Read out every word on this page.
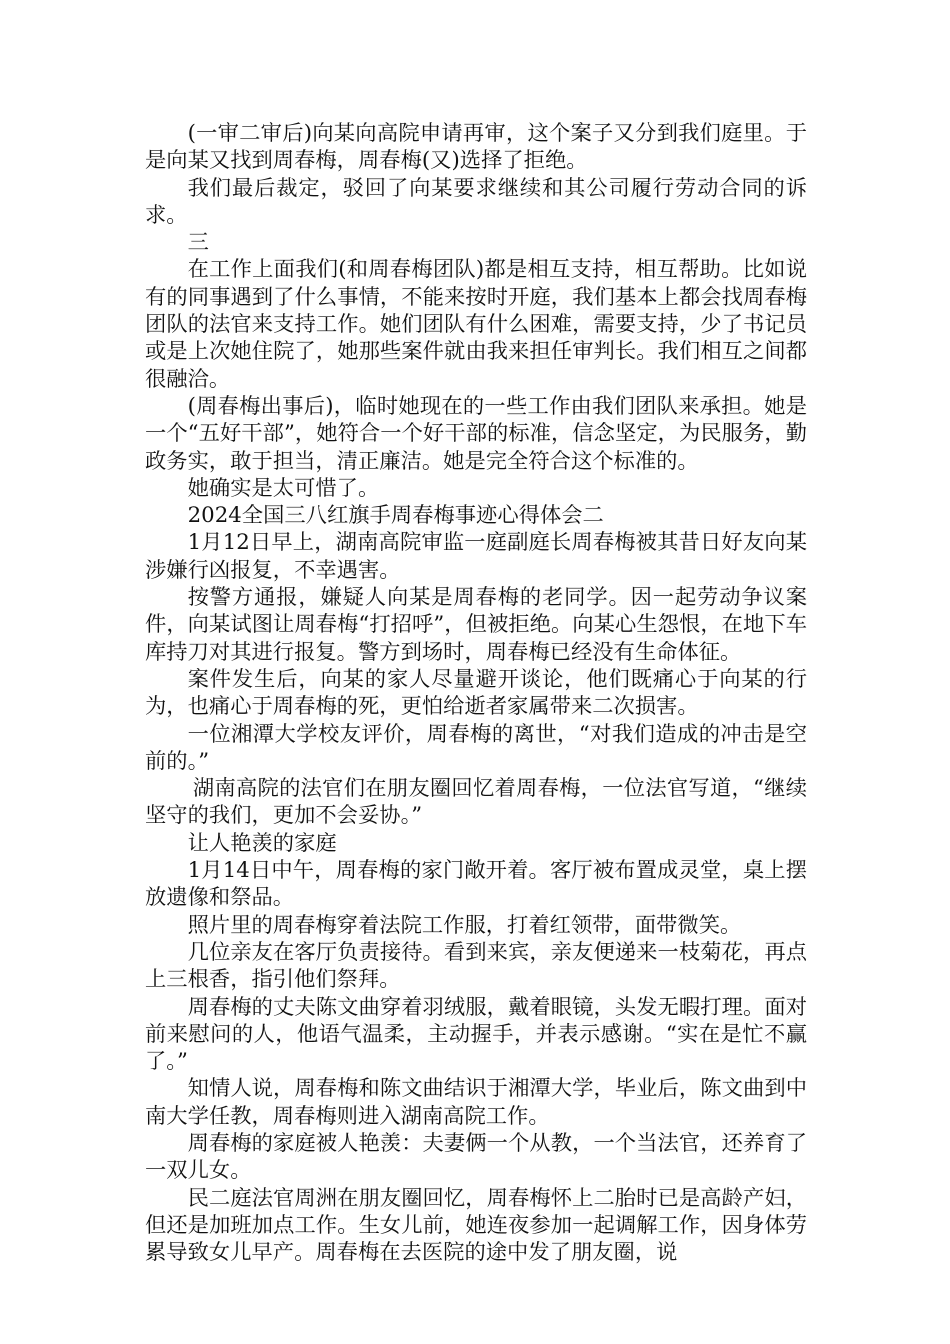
(一审二审后)向某向高院申请再审，这个案子又分到我们庭里。于是向某又找到周春梅，周春梅(又)选择了拒绝。

我们最后裁定，驳回了向某要求继续和其公司履行劳动合同的诉求。

三

在工作上面我们(和周春梅团队)都是相互支持，相互帮助。比如说有的同事遇到了什么事情，不能来按时开庭，我们基本上都会找周春梅团队的法官来支持工作。她们团队有什么困难，需要支持，少了书记员或是上次她住院了，她那些案件就由我来担任审判长。我们相互之间都很融洽。

(周春梅出事后)，临时她现在的一些工作由我们团队来承担。她是一个“五好干部”，她符合一个好干部的标准，信念坚定，为民服务，勤政务实，敢于担当，清正廉洁。她是完全符合这个标准的。

她确实是太可惜了。

2024全国三八红旗手周春梅事迹心得体会二

1月12日早上，湖南高院审监一庭副庭长周春梅被其昔日好友向某涉嫌行凶报复，不幸遇害。

按警方通报，嫌疑人向某是周春梅的老同学。因一起劳动争议案件，向某试图让周春梅“打招呼”，但被拒绝。向某心生怨恨，在地下车库持刀对其进行报复。警方到场时，周春梅已经没有生命体征。

案件发生后，向某的家人尽量避开谈论，他们既痛心于向某的行为，也痛心于周春梅的死，更怕给逝者家属带来二次损害。

一位湘潭大学校友评价，周春梅的离世，“对我们造成的冲击是空前的。”

湖南高院的法官们在朋友圈回忆着周春梅，一位法官写道，“继续坚守的我们，更加不会妥协。”

让人艳羡的家庭

1月14日中午，周春梅的家门敞开着。客厅被布置成灵堂，桌上摆放遗像和祭品。

照片里的周春梅穿着法院工作服，打着红领带，面带微笑。

几位亲友在客厅负责接待。看到来宾，亲友便递来一枝菊花，再点上三根香，指引他们祭拜。

周春梅的丈夫陈文曲穿着羽绒服，戴着眼镜，头发无暇打理。面对前来慰问的人，他语气温柔，主动握手，并表示感谢。“实在是忙不赢了。”

知情人说，周春梅和陈文曲结识于湘潭大学，毕业后，陈文曲到中南大学任教，周春梅则进入湖南高院工作。

周春梅的家庭被人艳羡：夫妻俩一个从教，一个当法官，还养育了一双儿女。

民二庭法官周洲在朋友圈回忆，周春梅怀上二胎时已是高龄产妇，但还是加班加点工作。生女儿前，她连夜参加一起调解工作，因身体劳累导致女儿早产。周春梅在去医院的途中发了朋友圈，说
